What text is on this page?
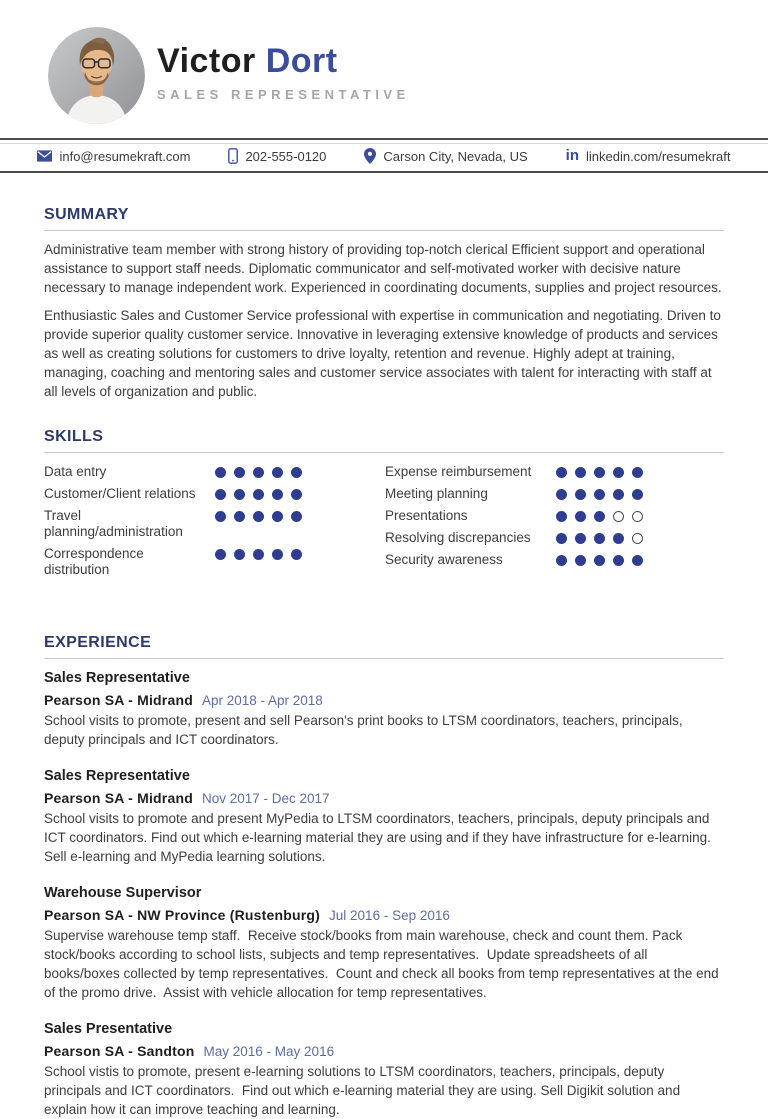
Victor Dort
SALES REPRESENTATIVE
info@resumekraft.com	202-555-0120	Carson City, Nevada, US	in linkedin.com/resumekraft
SUMMARY

Administrative team member with strong history of providing top-notch clerical Efficient support and operational assistance to support staff needs. Diplomatic communicator and self-motivated worker with decisive nature necessary to manage independent work. Experienced in coordinating documents, supplies and project resources.

Enthusiastic Sales and Customer Service professional with expertise in communication and negotiating. Driven to provide superior quality customer service. Innovative in leveraging extensive knowledge of products and services as well as creating solutions for customers to drive loyalty, retention and revenue. Highly adept at training, managing, coaching and mentoring sales and customer service associates with talent for interacting with staff at all levels of organization and public.

SKILLS
Data entry
Customer/Client relations
Travel planning/administration
Correspondence distribution
Expense reimbursement
Meeting planning
Presentations
Resolving discrepancies
Security awareness
EXPERIENCE
Sales Representative
Pearson SA - Midrand Apr 2018 - Apr 2018

School visits to promote, present and sell Pearson's print books to LTSM coordinators, teachers, principals, deputy principals and ICT coordinators.

Sales Representative
Pearson SA - Midrand Nov 2017 - Dec 2017

School visits to promote and present MyPedia to LTSM coordinators, teachers, principals, deputy principals and ICT coordinators. Find out which e-learning material they are using and if they have infrastructure for e-learning. Sell e-learning and MyPedia learning solutions.

Warehouse Supervisor
Pearson SA - NW Province (Rustenburg) Jul 2016 - Sep 2016

Supervise warehouse temp staff.  Receive stock/books from main warehouse, check and count them. Pack stock/books according to school lists, subjects and temp representatives.  Update spreadsheets of all books/boxes collected by temp representatives.  Count and check all books from temp representatives at the end of the promo drive.  Assist with vehicle allocation for temp representatives.

Sales Presentative
Pearson SA - Sandton May 2016 - May 2016

School vistis to promote, present e-learning solutions to LTSM coordinators, teachers, principals, deputy principals and ICT coordinators.  Find out which e-learning material they are using. Sell Digikit solution and explain how it can improve teaching and learning.
